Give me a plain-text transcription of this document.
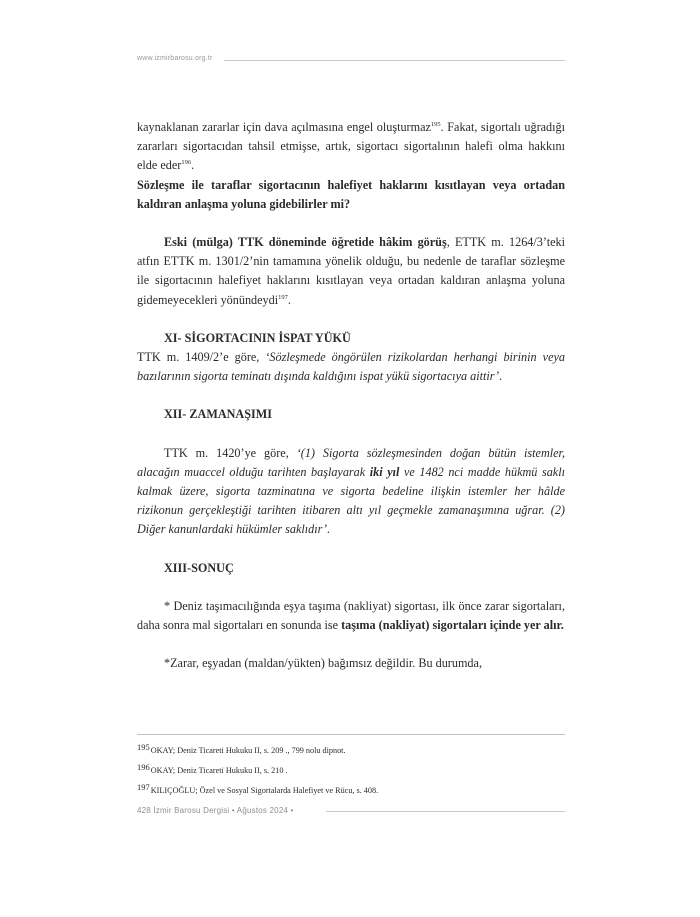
www.izmirbarosu.org.tr

kaynaklanan zararlar için dava açılmasına engel oluşturmaz$^{195}$. Fakat, sigortalı uğradığı zararları sigortacıdan tahsil etmişse, artık, sigortacı sigortalının halefi olma hakkını elde eder$^{196}$.

Sözleşme ile taraflar sigortacının halefiyet haklarını kısıtlayan veya ortadan kaldıran anlaşma yoluna gidebilirler mi?

Eski (mülga) TTK döneminde öğretide hâkim görüş, ETTK m. 1264/3’teki atfın ETTK m. 1301/2’nin tamamına yönelik olduğu, bu nedenle de taraflar sözleşme ile sigortacının halefiyet haklarını kısıtlayan veya ortadan kaldıran anlaşma yoluna gidemeyecekleri yönündeydi$^{197}$.

XI- SİGORTACININ İSPAT YÜKÜ

TTK m. 1409/2’e göre, ‘Sözleşmede öngörülen rizikolardan herhangi birinin veya bazılarının sigorta teminatı dışında kaldığını ispat yükü sigortacıya aittir’.

XII- ZAMANAŞIMI

TTK m. 1420’ye göre, ‘(1) Sigorta sözleşmesinden doğan bütün istemler, alacağın muaccel olduğu tarihten başlayarak iki yıl ve 1482 nci madde hükmü saklı kalmak üzere, sigorta tazminatına ve sigorta bedeline ilişkin istemler her hâlde rizikonun gerçekleştiği tarihten itibaren altı yıl geçmekle zamanaşımına uğrar. (2) Diğer kanunlardaki hükümler saklıdır’.

XIII-SONUÇ

* Deniz taşımacılığında eşya taşıma (nakliyat) sigortası, ilk önce zarar sigortaları, daha sonra mal sigortaları en sonunda ise taşıma (nakliyat) sigortaları içinde yer alır.

*Zarar, eşyadan (maldan/yükten) bağımsız değildir. Bu durumda,

$^{195}$OKAY; Deniz Ticareti Hukuku II, s. 209 ., 799 nolu dipnot.
$^{196}$OKAY; Deniz Ticareti Hukuku II, s. 210 .
$^{197}$KILIÇOĞLU; Özel ve Sosyal Sigortalarda Halefiyet ve Rücu, s. 408.
428 İzmir Barosu Dergisi • Ağustos 2024 •
